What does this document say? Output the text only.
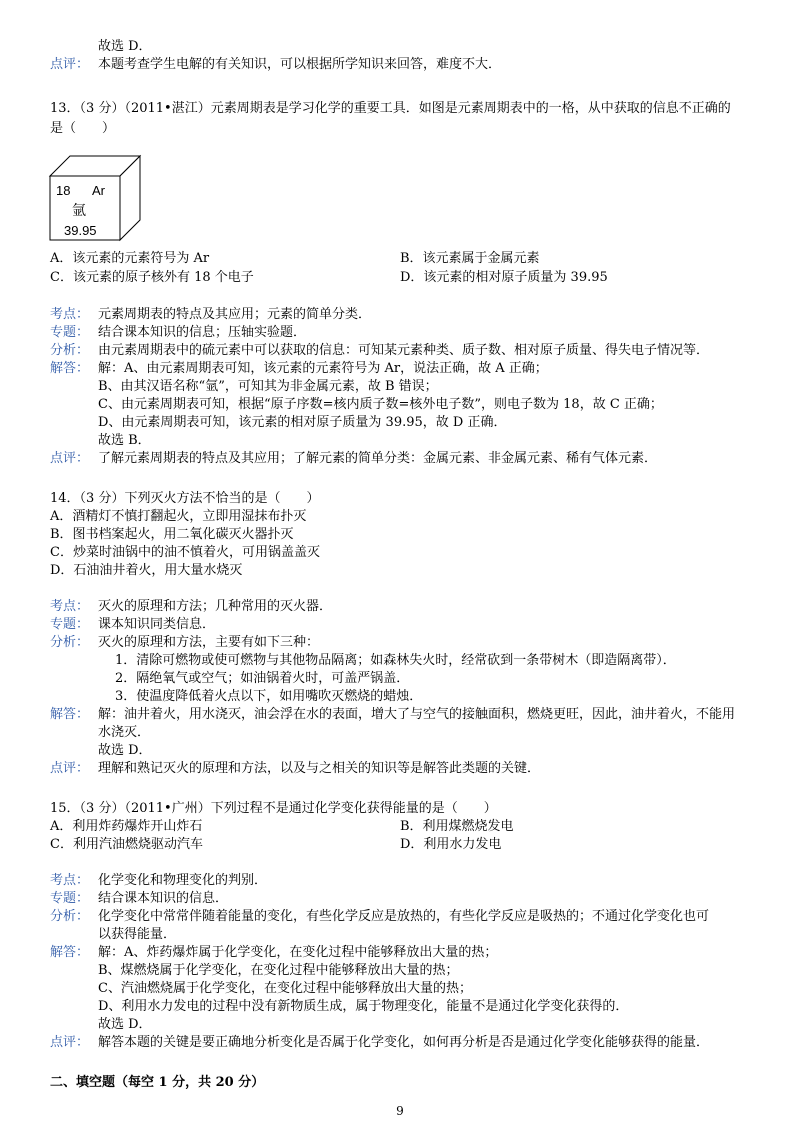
故选 D．
点评： 本题考查学生电解的有关知识，可以根据所学知识来回答，难度不大．
13．（3 分）（2011•湛江）元素周期表是学习化学的重要工具．如图是元素周期表中的一格，从中获取的信息不正确的
是（　　）
18 Ar
氩
39.95
A．该元素的元素符号为 Ar	B．该元素属于金属元素
C．该元素的原子核外有 18 个电子	D．该元素的相对原子质量为 39.95
考点： 元素周期表的特点及其应用；元素的简单分类．
专题： 结合课本知识的信息；压轴实验题．
分析： 由元素周期表中的硫元素中可以获取的信息：可知某元素种类、质子数、相对原子质量、得失电子情况等．
解答： 解：A、由元素周期表可知，该元素的元素符号为 Ar，说法正确，故 A 正确；
B、由其汉语名称“氩”，可知其为非金属元素，故 B 错误；
C、由元素周期表可知，根据“原子序数=核内质子数=核外电子数”，则电子数为 18，故 C 正确；
D、由元素周期表可知，该元素的相对原子质量为 39.95，故 D 正确．
故选 B．
点评： 了解元素周期表的特点及其应用；了解元素的简单分类：金属元素、非金属元素、稀有气体元素．
14．（3 分）下列灭火方法不恰当的是（　　）
A．酒精灯不慎打翻起火，立即用湿抹布扑灭
B．图书档案起火，用二氧化碳灭火器扑灭
C．炒菜时油锅中的油不慎着火，可用锅盖盖灭
D．石油油井着火，用大量水烧灭
考点： 灭火的原理和方法；几种常用的灭火器．
专题： 课本知识同类信息．
分析： 灭火的原理和方法，主要有如下三种：
1．清除可燃物或使可燃物与其他物品隔离；如森林失火时，经常砍到一条带树木（即造隔离带）．
2．隔绝氧气或空气；如油锅着火时，可盖严锅盖．
3．使温度降低着火点以下，如用嘴吹灭燃烧的蜡烛．
解答： 解：油井着火，用水浇灭，油会浮在水的表面，增大了与空气的接触面积，燃烧更旺，因此，油井着火，不能用
水浇灭．
故选 D．
点评： 理解和熟记灭火的原理和方法，以及与之相关的知识等是解答此类题的关键．
15．（3 分）（2011•广州）下列过程不是通过化学变化获得能量的是（　　）
A．利用炸药爆炸开山炸石	B．利用煤燃烧发电
C．利用汽油燃烧驱动汽车	D．利用水力发电
考点： 化学变化和物理变化的判别．
专题： 结合课本知识的信息．
分析： 化学变化中常常伴随着能量的变化，有些化学反应是放热的，有些化学反应是吸热的；不通过化学变化也可
以获得能量．
解答： 解：A、炸药爆炸属于化学变化，在变化过程中能够释放出大量的热；
B、煤燃烧属于化学变化，在变化过程中能够释放出大量的热；
C、汽油燃烧属于化学变化，在变化过程中能够释放出大量的热；
D、利用水力发电的过程中没有新物质生成，属于物理变化，能量不是通过化学变化获得的．
故选 D．
点评： 解答本题的关键是要正确地分析变化是否属于化学变化，如何再分析是否是通过化学变化能够获得的能量．
二、填空题（每空 1 分，共 20 分）
9
